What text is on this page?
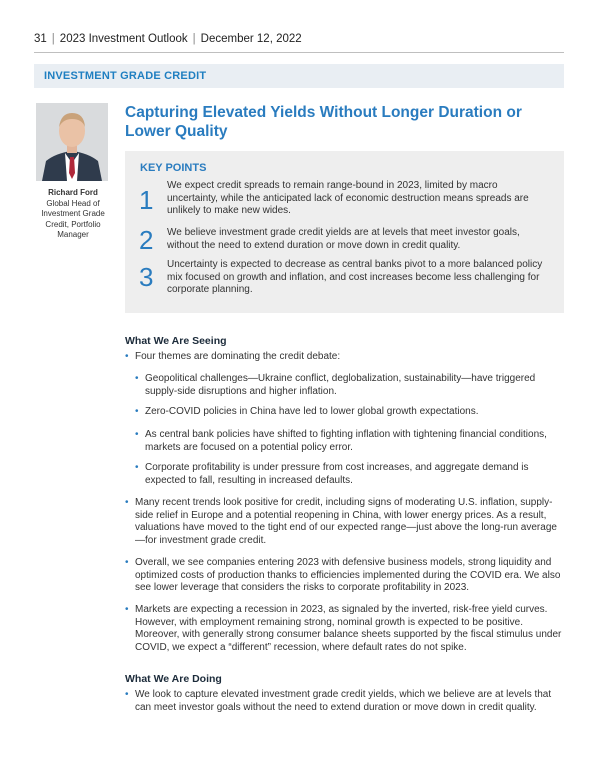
31 | 2023 Investment Outlook | December 12, 2022
INVESTMENT GRADE CREDIT
Richard Ford
Global Head of Investment Grade Credit, Portfolio Manager
Capturing Elevated Yields Without Longer Duration or Lower Quality
KEY POINTS
1 We expect credit spreads to remain range-bound in 2023, limited by macro uncertainty, while the anticipated lack of economic destruction means spreads are unlikely to make new wides.
2 We believe investment grade credit yields are at levels that meet investor goals, without the need to extend duration or move down in credit quality.
3 Uncertainty is expected to decrease as central banks pivot to a more balanced policy mix focused on growth and inflation, and cost increases become less challenging for corporate planning.
What We Are Seeing
• Four themes are dominating the credit debate:
• Geopolitical challenges—Ukraine conflict, deglobalization, sustainability—have triggered supply-side disruptions and higher inflation.
• Zero-COVID policies in China have led to lower global growth expectations.
• As central bank policies have shifted to fighting inflation with tightening financial conditions, markets are focused on a potential policy error.
• Corporate profitability is under pressure from cost increases, and aggregate demand is expected to fall, resulting in increased defaults.
• Many recent trends look positive for credit, including signs of moderating U.S. inflation, supply-side relief in Europe and a potential reopening in China, with lower energy prices. As a result, valuations have moved to the tight end of our expected range—just above the long-run average—for investment grade credit.
• Overall, we see companies entering 2023 with defensive business models, strong liquidity and optimized costs of production thanks to efficiencies implemented during the COVID era. We also see lower leverage that considers the risks to corporate profitability in 2023.
• Markets are expecting a recession in 2023, as signaled by the inverted, risk-free yield curves. However, with employment remaining strong, nominal growth is expected to be positive. Moreover, with generally strong consumer balance sheets supported by the fiscal stimulus under COVID, we expect a “different” recession, where default rates do not spike.
What We Are Doing
• We look to capture elevated investment grade credit yields, which we believe are at levels that can meet investor goals without the need to extend duration or move down in credit quality.
